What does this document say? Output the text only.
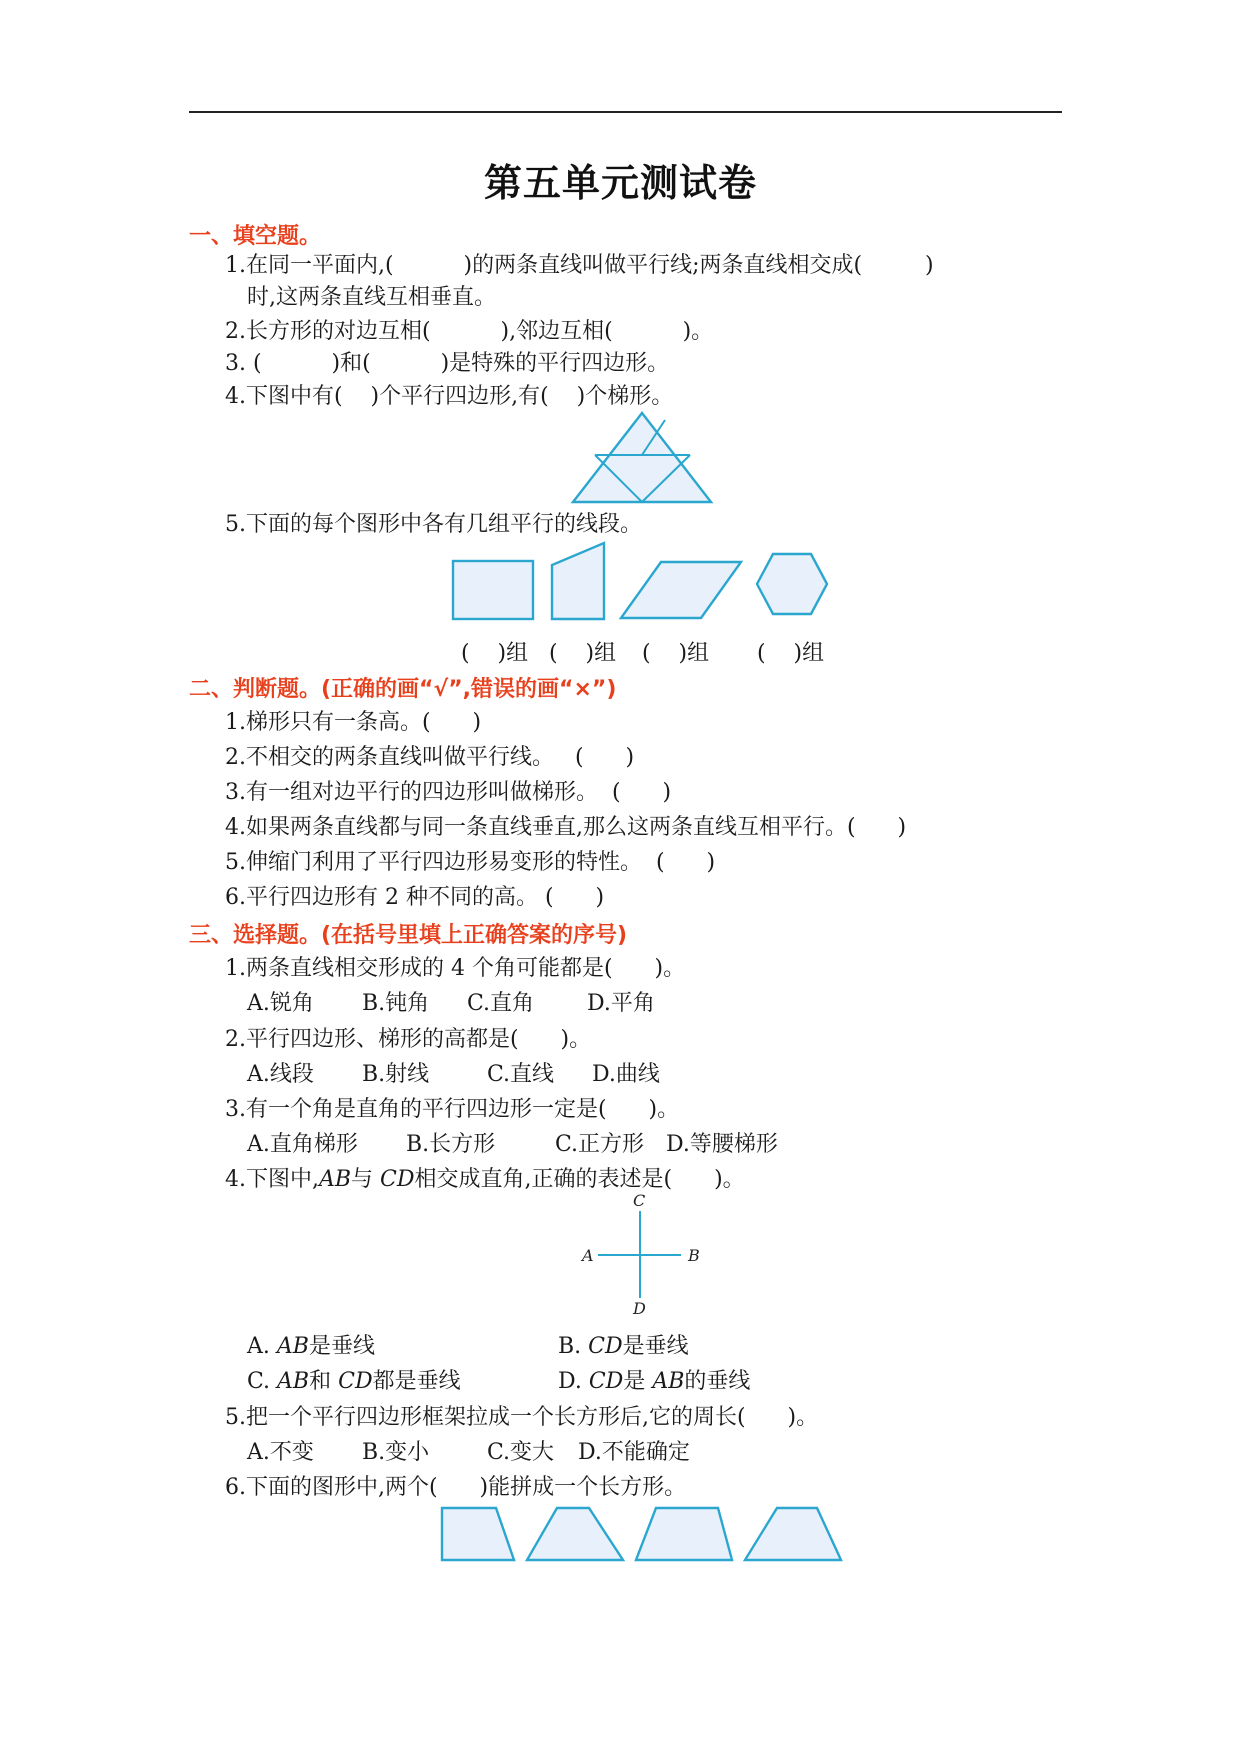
第五单元测试卷
一、填空题。
1.在同一平面内,(          )的两条直线叫做平行线;两条直线相交成(         )
时,这两条直线互相垂直。
2.长方形的对边互相(          ),邻边互相(          )。
3. (          )和(          )是特殊的平行四边形。
4.下图中有(    )个平行四边形,有(    )个梯形。
5.下面的每个图形中各有几组平行的线段。
(    )组 (    )组 (    )组 (    )组
二、判断题。(正确的画“√”,错误的画“×”)
1.梯形只有一条高。(      )
2.不相交的两条直线叫做平行线。   (      )
3.有一组对边平行的四边形叫做梯形。  (      )
4.如果两条直线都与同一条直线垂直,那么这两条直线互相平行。(      )
5.伸缩门利用了平行四边形易变形的特性。  (      )
6.平行四边形有 2 种不同的高。 (      )
三、选择题。(在括号里填上正确答案的序号)
1.两条直线相交形成的 4 个角可能都是(      )。
A.锐角 B.钝角 C.直角 D.平角
2.平行四边形、梯形的高都是(      )。
A.线段 B.射线	C.直线 D.曲线
3.有一个角是直角的平行四边形一定是(      )。
A.直角梯形 B.长方形	C.正方形 D.等腰梯形
4.下图中,AB与 CD相交成直角,正确的表述是(      )。
A	B
C
D
A. AB是垂线	B. CD是垂线
C. AB和 CD都是垂线	D. CD是 AB的垂线
5.把一个平行四边形框架拉成一个长方形后,它的周长(      )。
A.不变 B.变小	C.变大 D.不能确定
6.下面的图形中,两个(      )能拼成一个长方形。
